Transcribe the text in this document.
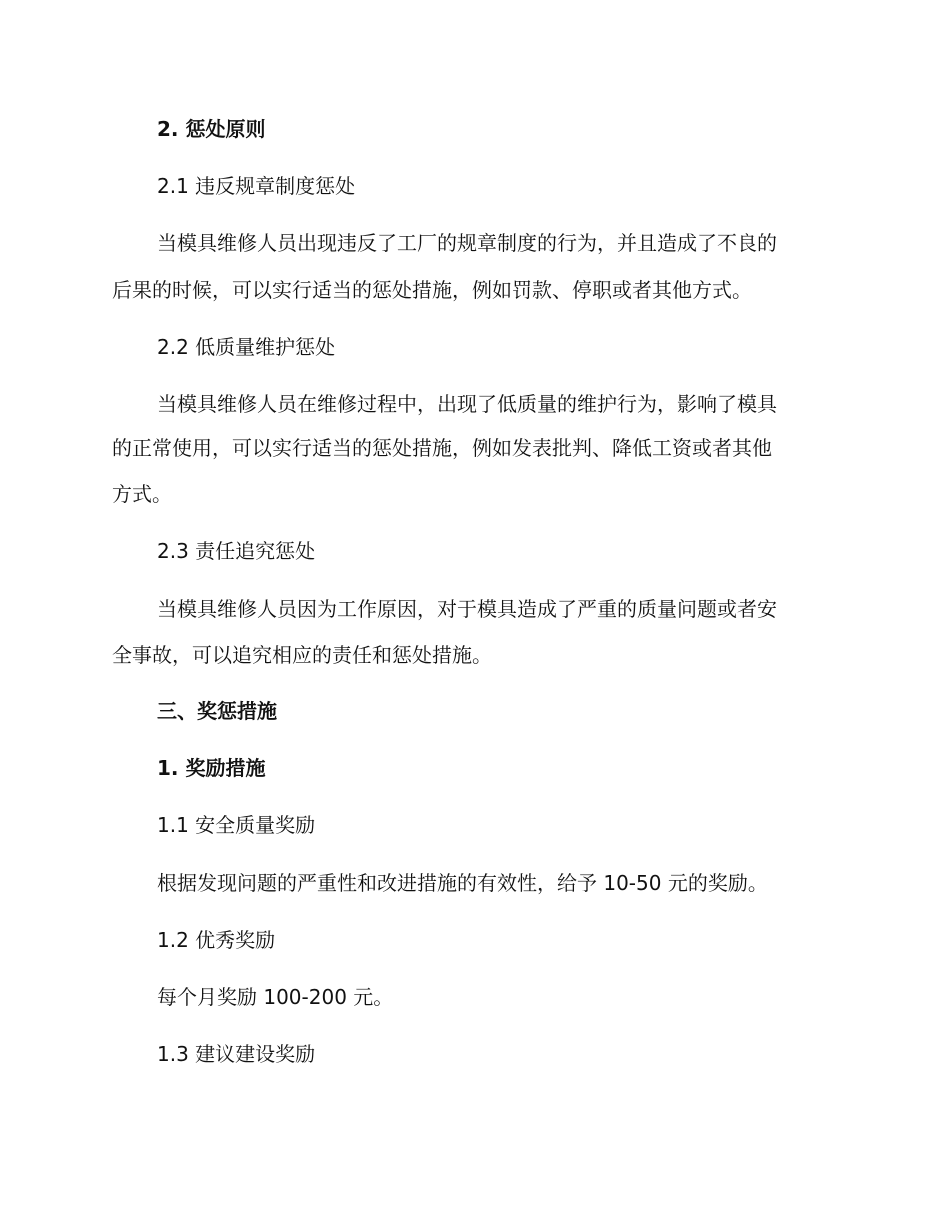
2. 惩处原则
2.1 违反规章制度惩处
当模具维修人员出现违反了工厂的规章制度的行为，并且造成了不良的
后果的时候，可以实行适当的惩处措施，例如罚款、停职或者其他方式。
2.2 低质量维护惩处
当模具维修人员在维修过程中，出现了低质量的维护行为，影响了模具
的正常使用，可以实行适当的惩处措施，例如发表批判、降低工资或者其他
方式。
2.3 责任追究惩处
当模具维修人员因为工作原因，对于模具造成了严重的质量问题或者安
全事故，可以追究相应的责任和惩处措施。
三、奖惩措施
1. 奖励措施
1.1 安全质量奖励
根据发现问题的严重性和改进措施的有效性，给予 10-50 元的奖励。
1.2 优秀奖励
每个月奖励 100-200 元。
1.3 建议建设奖励
